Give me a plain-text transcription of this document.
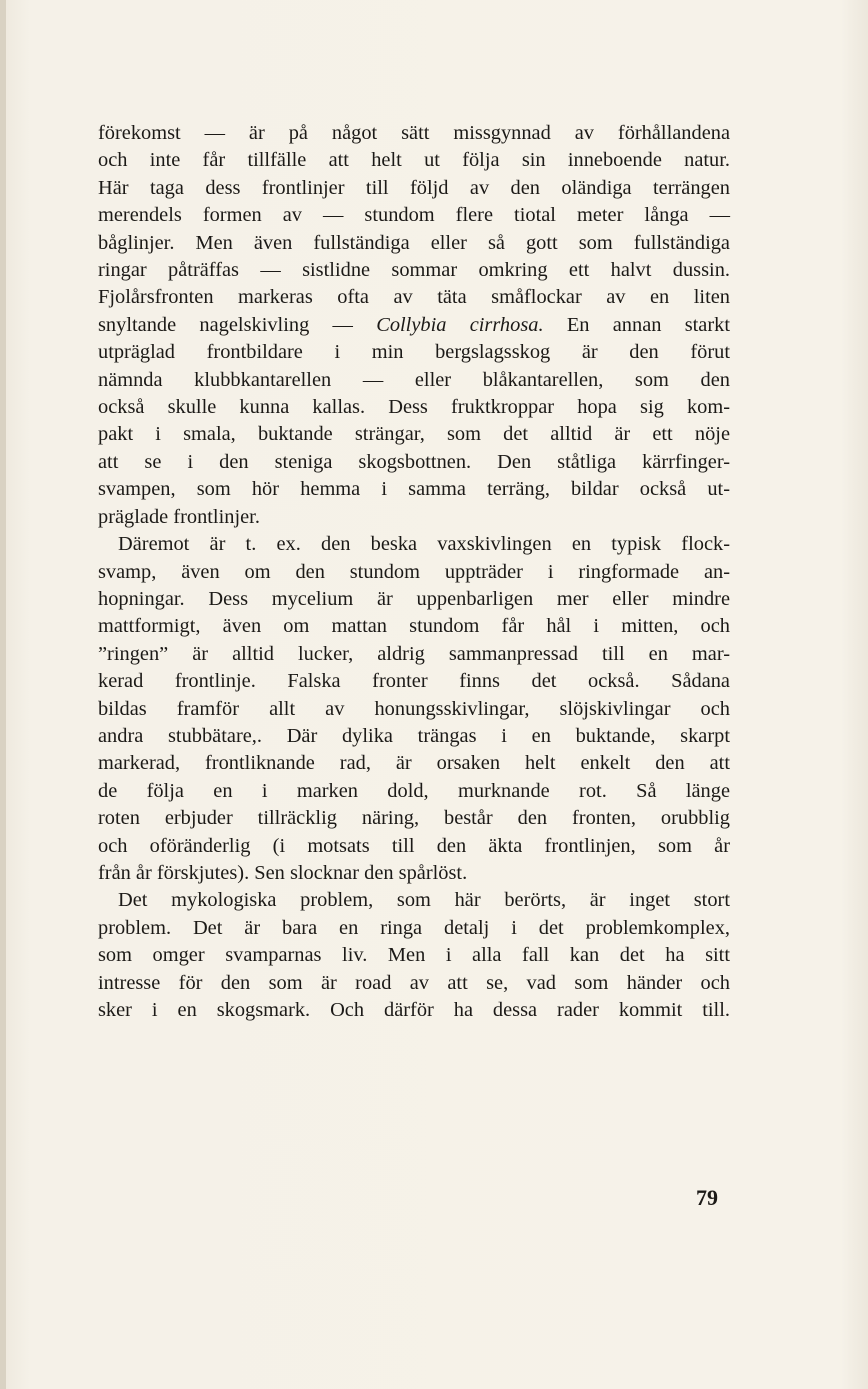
förekomst — är på något sätt missgynnad av förhållandena
och inte får tillfälle att helt ut följa sin inneboende natur.
Här taga dess frontlinjer till följd av den oländiga terrängen
merendels formen av — stundom flere tiotal meter långa —
båglinjer. Men även fullständiga eller så gott som fullständiga
ringar påträffas — sistlidne sommar omkring ett halvt dussin.
Fjolårsfronten markeras ofta av täta småflockar av en liten
snyltande nagelskivling — Collybia cirrhosa. En annan starkt
utpräglad frontbildare i min bergslagsskog är den förut
nämnda klubbkantarellen — eller blåkantarellen, som den
också skulle kunna kallas. Dess fruktkroppar hopa sig kom-
pakt i smala, buktande strängar, som det alltid är ett nöje
att se i den steniga skogsbottnen. Den ståtliga kärrfinger-
svampen, som hör hemma i samma terräng, bildar också ut-
präglade frontlinjer.
Däremot är t. ex. den beska vaxskivlingen en typisk flock-
svamp, även om den stundom uppträder i ringformade an-
hopningar. Dess mycelium är uppenbarligen mer eller mindre
mattformigt, även om mattan stundom får hål i mitten, och
”ringen” är alltid lucker, aldrig sammanpressad till en mar-
kerad frontlinje. Falska fronter finns det också. Sådana
bildas framför allt av honungsskivlingar, slöjskivlingar och
andra stubbätare,. Där dylika trängas i en buktande, skarpt
markerad, frontliknande rad, är orsaken helt enkelt den att
de följa en i marken dold, murknande rot. Så länge
roten erbjuder tillräcklig näring, består den fronten, orubblig
och oföränderlig (i motsats till den äkta frontlinjen, som år
från år förskjutes). Sen slocknar den spårlöst.
Det mykologiska problem, som här berörts, är inget stort
problem. Det är bara en ringa detalj i det problemkomplex,
som omger svamparnas liv. Men i alla fall kan det ha sitt
intresse för den som är road av att se, vad som händer och
sker i en skogsmark. Och därför ha dessa rader kommit till.
79
